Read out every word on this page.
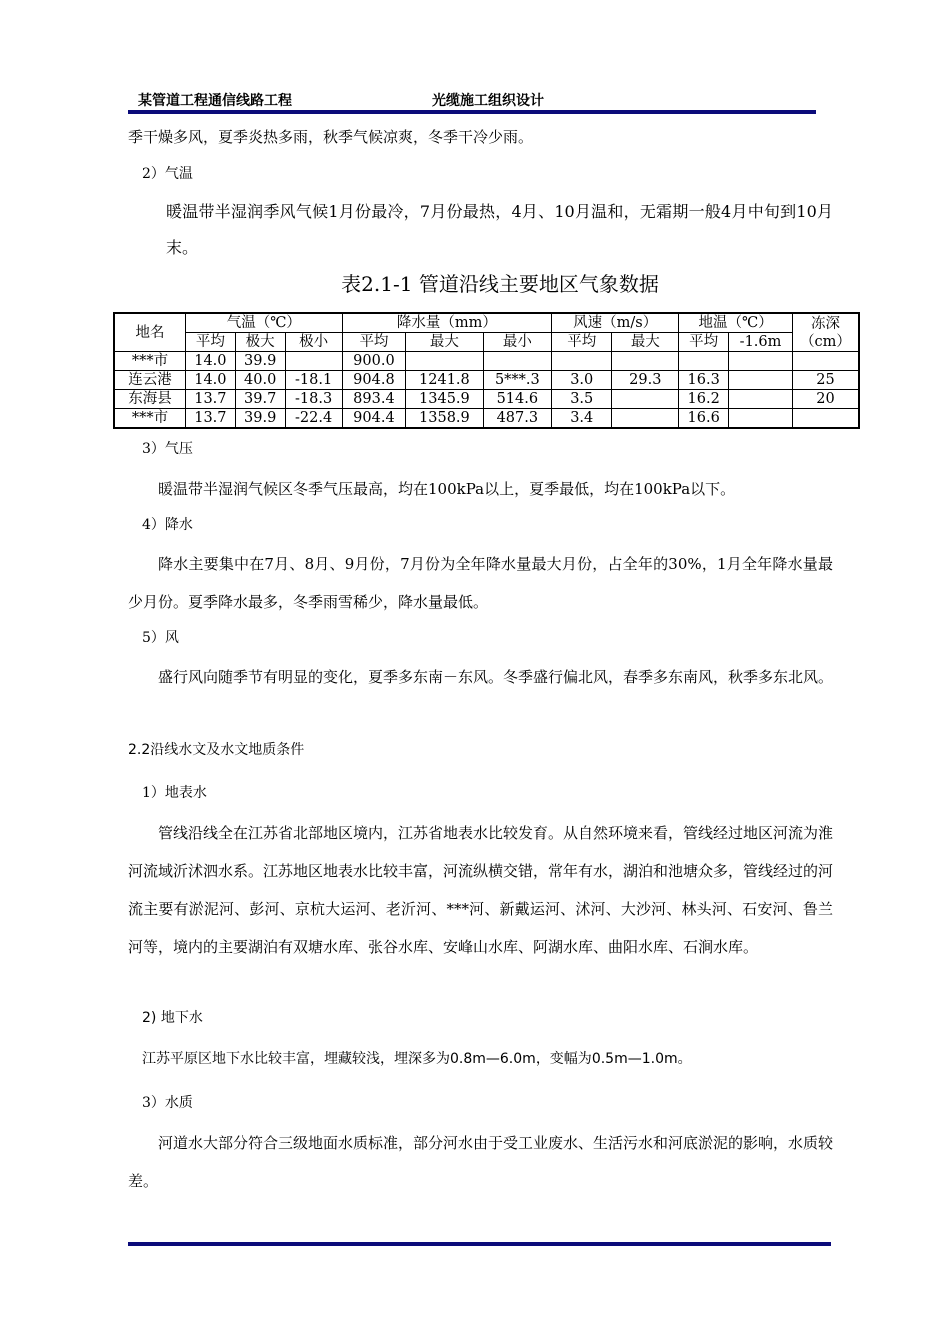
某管道工程通信线路工程	光缆施工组织设计
季干燥多风，夏季炎热多雨，秋季气候凉爽，冬季干冷少雨。
2）气温
暖温带半湿润季风气候1月份最冷，7月份最热，4月、10月温和，无霜期一般4月中旬到10月末。
表2.1-1 管道沿线主要地区气象数据
地名	气温（℃）			降水量（mm）			风速（m/s）		地温（℃）		冻深（cm）
	平均	极大	极小	平均	最大	最小	平均	最大	平均	-1.6m	
***市	14.0	39.9		900.0							
连云港	14.0	40.0	-18.1	904.8	1241.8	5***.3	3.0	29.3	16.3		25
东海县	13.7	39.7	-18.3	893.4	1345.9	514.6	3.5		16.2		20
***市	13.7	39.9	-22.4	904.4	1358.9	487.3	3.4		16.6		
3）气压
暖温带半湿润气候区冬季气压最高，均在100kPa以上，夏季最低，均在100kPa以下。
4）降水
降水主要集中在7月、8月、9月份，7月份为全年降水量最大月份，占全年的30%，1月全年降水量最少月份。夏季降水最多，冬季雨雪稀少，降水量最低。
5）风
盛行风向随季节有明显的变化，夏季多东南－东风。冬季盛行偏北风，春季多东南风，秋季多东北风。
2.2沿线水文及水文地质条件
1）地表水
管线沿线全在江苏省北部地区境内，江苏省地表水比较发育。从自然环境来看，管线经过地区河流为淮河流域沂沭泗水系。江苏地区地表水比较丰富，河流纵横交错，常年有水，湖泊和池塘众多，管线经过的河流主要有淤泥河、彭河、京杭大运河、老沂河、***河、新戴运河、沭河、大沙河、林头河、石安河、鲁兰河等，境内的主要湖泊有双塘水库、张谷水库、安峰山水库、阿湖水库、曲阳水库、石涧水库。
2) 地下水
江苏平原区地下水比较丰富，埋藏较浅，埋深多为0.8m—6.0m，变幅为0.5m—1.0m。
3）水质
河道水大部分符合三级地面水质标准，部分河水由于受工业废水、生活污水和河底淤泥的影响，水质较差。
